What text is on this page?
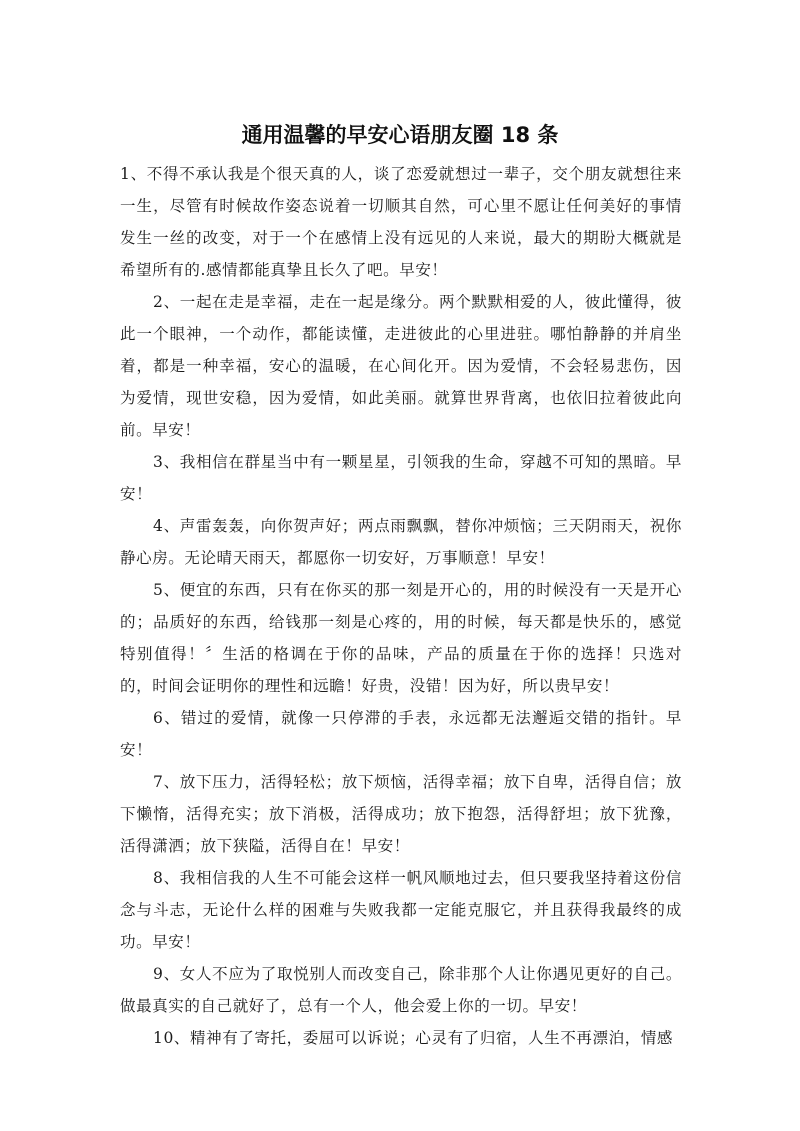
通用温馨的早安心语朋友圈 18 条

1、不得不承认我是个很天真的人，谈了恋爱就想过一辈子，交个朋友就想往来一生，尽管有时候故作姿态说着一切顺其自然，可心里不愿让任何美好的事情发生一丝的改变，对于一个在感情上没有远见的人来说，最大的期盼大概就是希望所有的.感情都能真挚且长久了吧。早安！

2、一起在走是幸福，走在一起是缘分。两个默默相爱的人，彼此懂得，彼此一个眼神，一个动作，都能读懂，走进彼此的心里进驻。哪怕静静的并肩坐着，都是一种幸福，安心的温暖，在心间化开。因为爱情，不会轻易悲伤，因为爱情，现世安稳，因为爱情，如此美丽。就算世界背离，也依旧拉着彼此向前。早安！

3、我相信在群星当中有一颗星星，引领我的生命，穿越不可知的黑暗。早安！

4、声雷轰轰，向你贺声好；两点雨飘飘，替你冲烦恼；三天阴雨天，祝你静心房。无论晴天雨天，都愿你一切安好，万事顺意！早安！

5、便宜的东西，只有在你买的那一刻是开心的，用的时候没有一天是开心的；品质好的东西，给钱那一刻是心疼的，用的时候，每天都是快乐的，感觉特别值得！〞生活的格调在于你的品味，产品的质量在于你的选择！只选对的，时间会证明你的理性和远瞻！好贵，没错！因为好，所以贵早安！

6、错过的爱情，就像一只停滞的手表，永远都无法邂逅交错的指针。早安！

7、放下压力，活得轻松；放下烦恼，活得幸福；放下自卑，活得自信；放下懒惰，活得充实；放下消极，活得成功；放下抱怨，活得舒坦；放下犹豫，活得潇洒；放下狭隘，活得自在！早安！

8、我相信我的人生不可能会这样一帆风顺地过去，但只要我坚持着这份信念与斗志，无论什么样的困难与失败我都一定能克服它，并且获得我最终的成功。早安！

9、女人不应为了取悦别人而改变自己，除非那个人让你遇见更好的自己。做最真实的自己就好了，总有一个人，他会爱上你的一切。早安！

10、精神有了寄托，委屈可以诉说；心灵有了归宿，人生不再漂泊，情感
